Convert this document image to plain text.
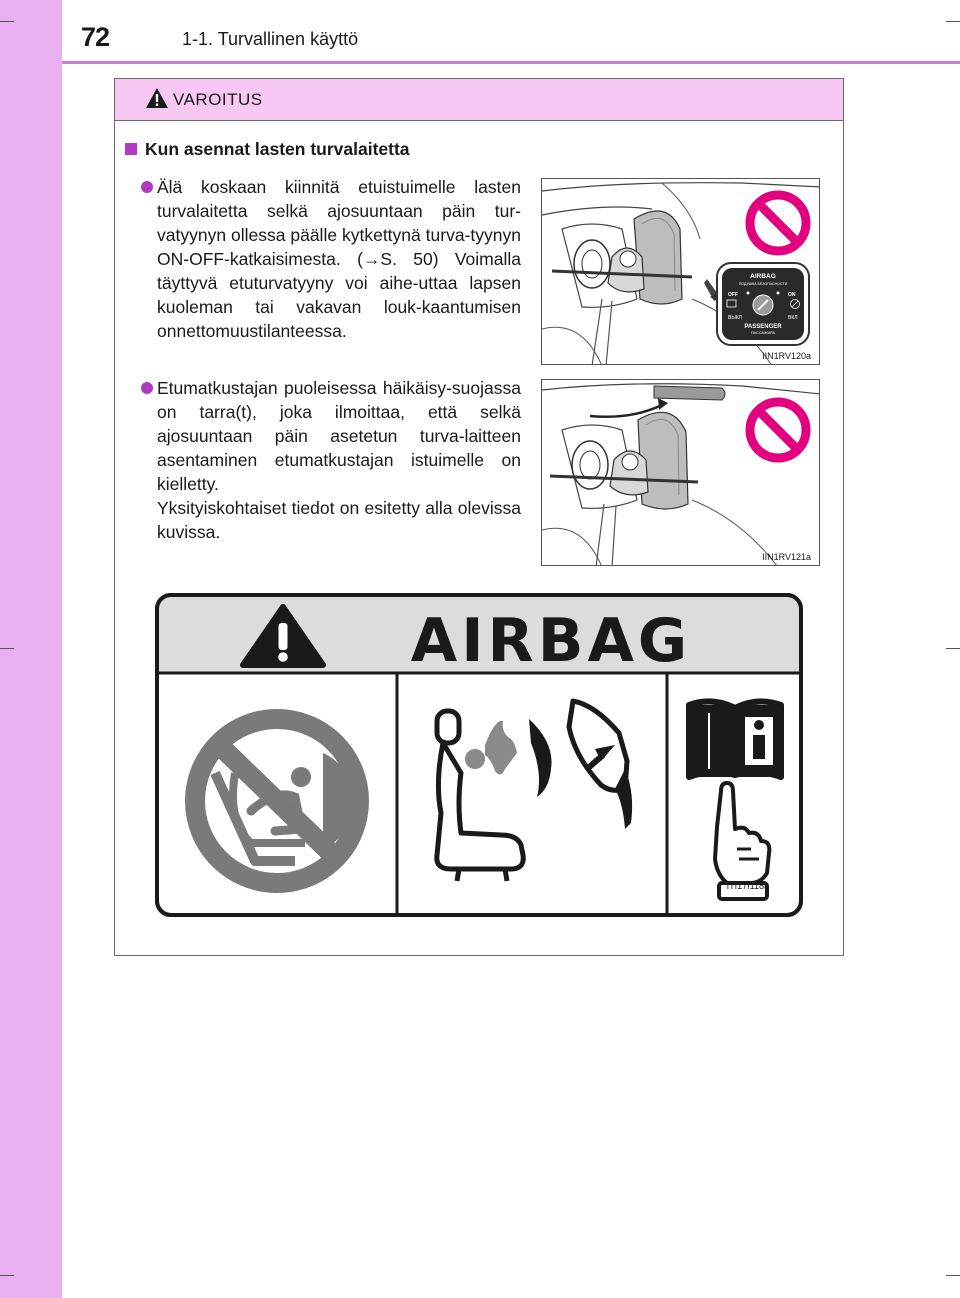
72	1-1. Turvallinen käyttö
VAROITUS
Kun asennat lasten turvalaitetta
Älä koskaan kiinnitä etuistuimelle lasten turvalaitetta selkä ajosuuntaan päin tur-vatyynyn ollessa päälle kytkettynä turva-tyynyn ON-OFF-katkaisimesta. (→S. 50) Voimalla täyttyvä etuturvatyyny voi aihe-uttaa lapsen kuoleman tai vakavan louk-kaantumisen onnettomuustilanteessa.
Etumatkustajan puoleisessa häikäisy-suojassa on tarra(t), joka ilmoittaa, että selkä ajosuuntaan päin asetetun turva-laitteen asentaminen etumatkustajan istuimelle on kielletty.
Yksityiskohtaiset tiedot on esitetty alla olevissa kuvissa.
AIRBAG
ПОДУШКА БЕЗОПАСНОСТИ
OFF	ON
ВЫКЛ	ВКЛ
PASSENGER
ПАССАЖИРА
IIN1RV120a
IIN1RV121a
AIRBAG
ITI17I118a
